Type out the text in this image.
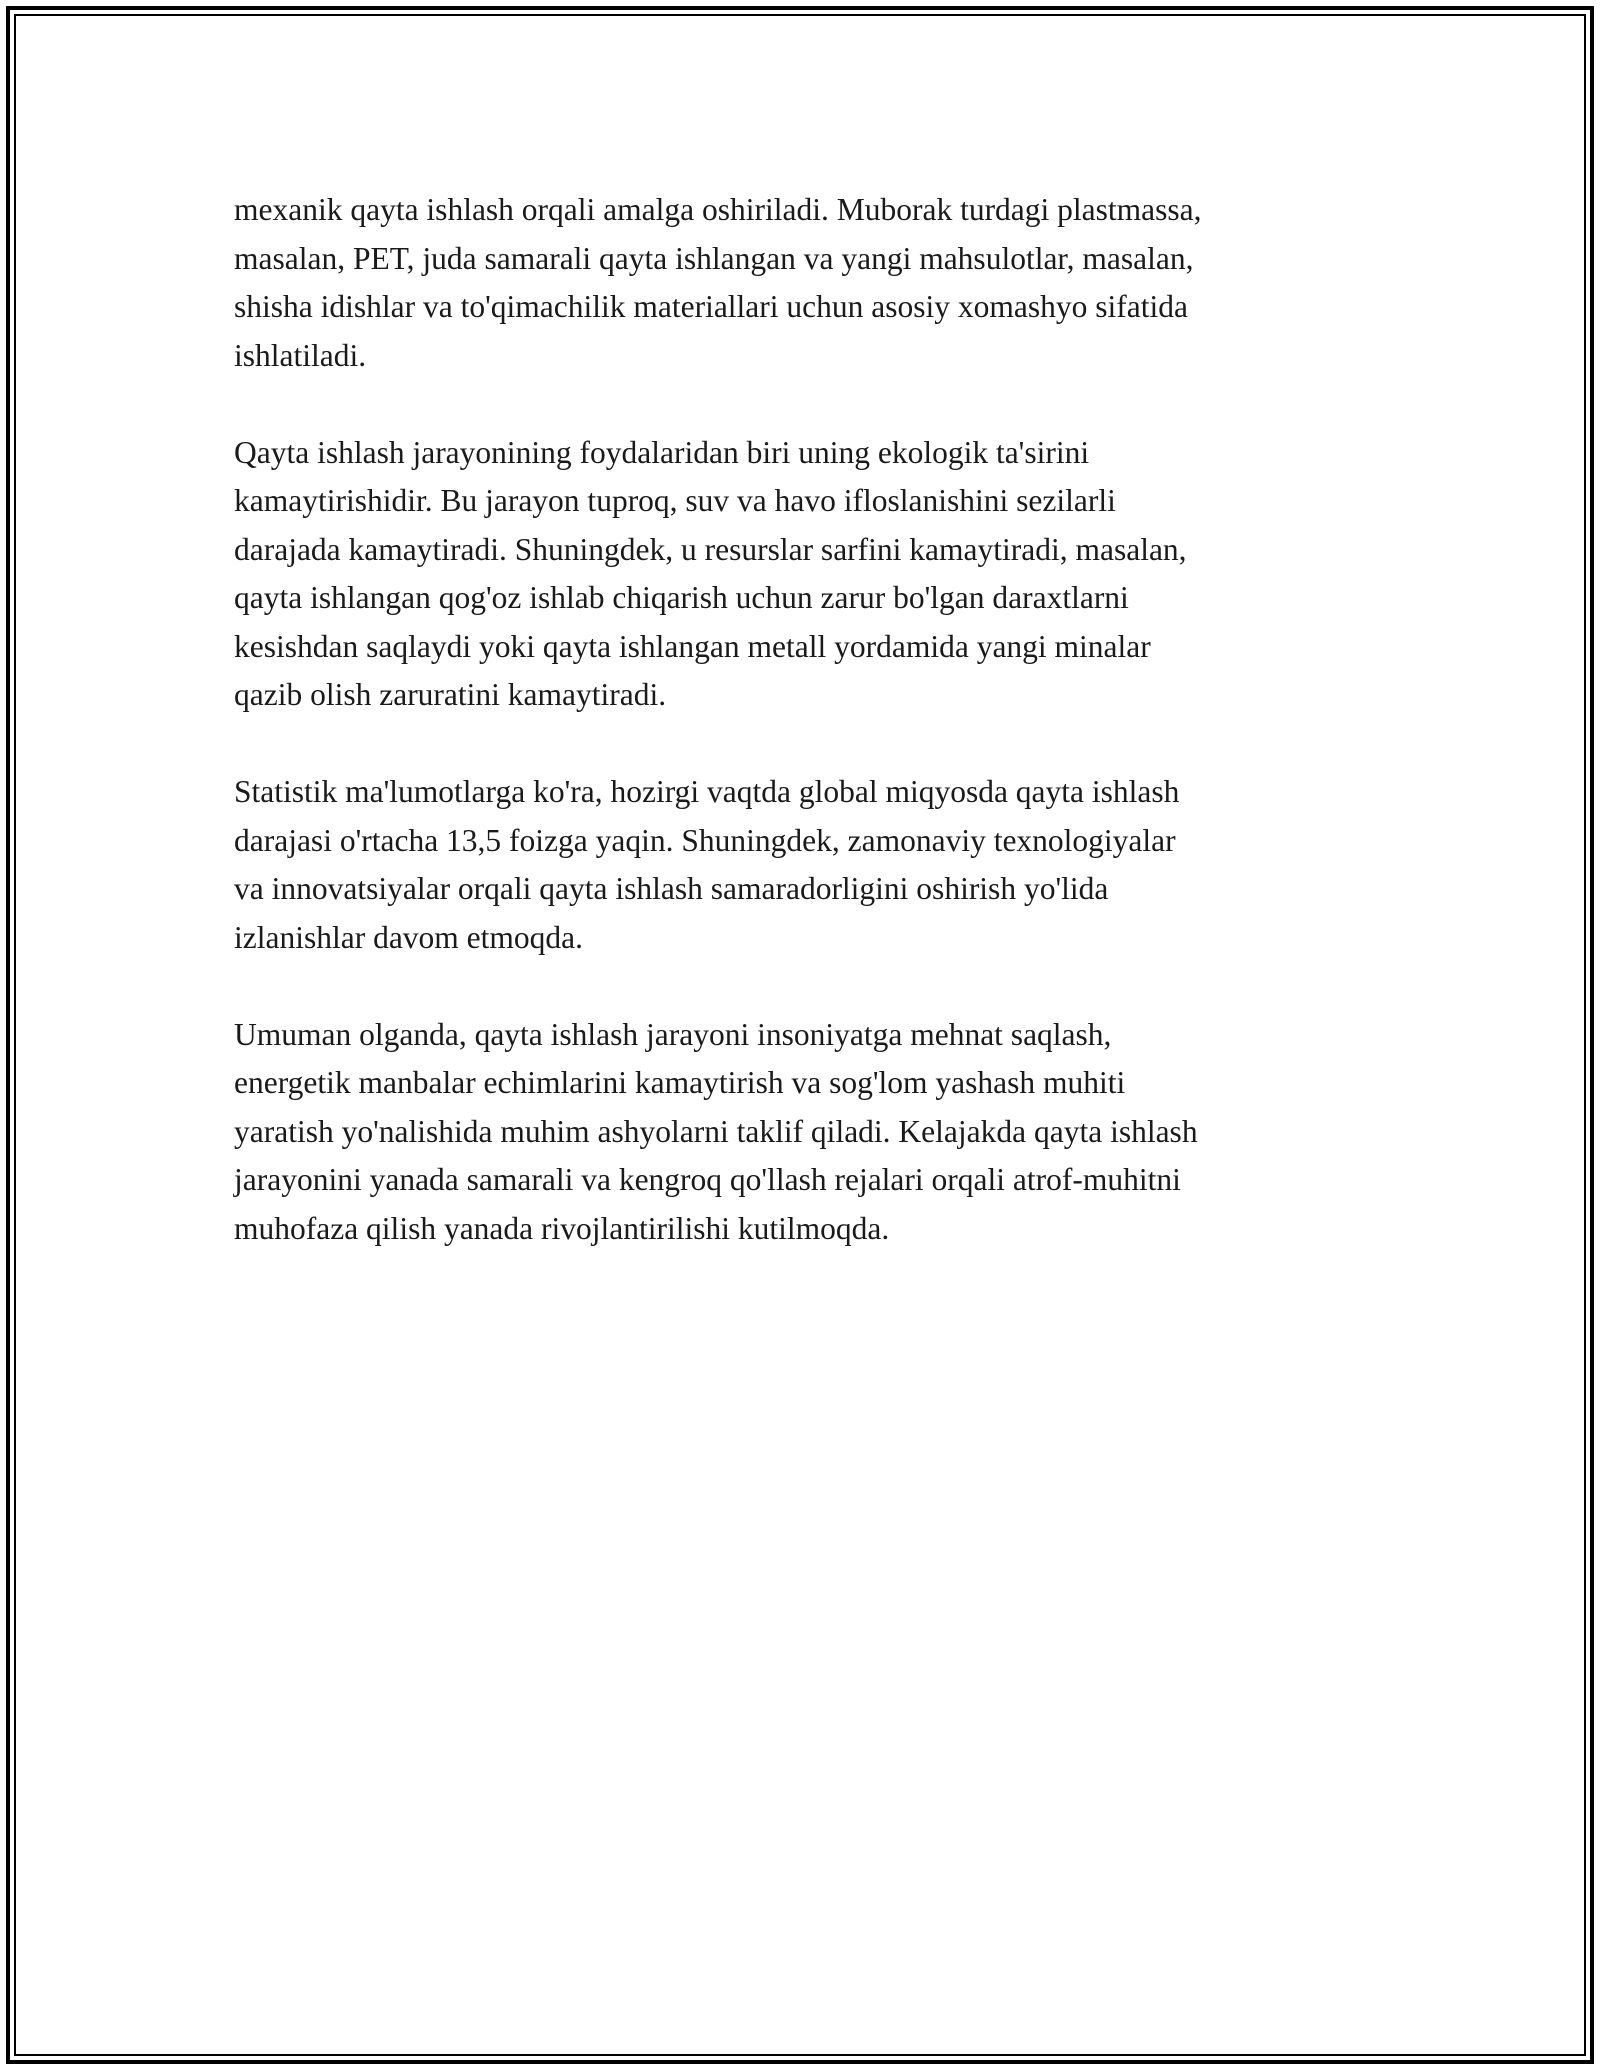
mexanik qayta ishlash orqali amalga oshiriladi. Muborak turdagi plastmassa,
masalan, PET, juda samarali qayta ishlangan va yangi mahsulotlar, masalan,
shisha idishlar va to'qimachilik materiallari uchun asosiy xomashyo sifatida
ishlatiladi.

Qayta ishlash jarayonining foydalaridan biri uning ekologik ta'sirini
kamaytirishidir. Bu jarayon tuproq, suv va havo ifloslanishini sezilarli
darajada kamaytiradi. Shuningdek, u resurslar sarfini kamaytiradi, masalan,
qayta ishlangan qog'oz ishlab chiqarish uchun zarur bo'lgan daraxtlarni
kesishdan saqlaydi yoki qayta ishlangan metall yordamida yangi minalar
qazib olish zaruratini kamaytiradi.

Statistik ma'lumotlarga ko'ra, hozirgi vaqtda global miqyosda qayta ishlash
darajasi o'rtacha 13,5 foizga yaqin. Shuningdek, zamonaviy texnologiyalar
va innovatsiyalar orqali qayta ishlash samaradorligini oshirish yo'lida
izlanishlar davom etmoqda.

Umuman olganda, qayta ishlash jarayoni insoniyatga mehnat saqlash,
energetik manbalar echimlarini kamaytirish va sog'lom yashash muhiti
yaratish yo'nalishida muhim ashyolarni taklif qiladi. Kelajakda qayta ishlash
jarayonini yanada samarali va kengroq qo'llash rejalari orqali atrof-muhitni
muhofaza qilish yanada rivojlantirilishi kutilmoqda.
